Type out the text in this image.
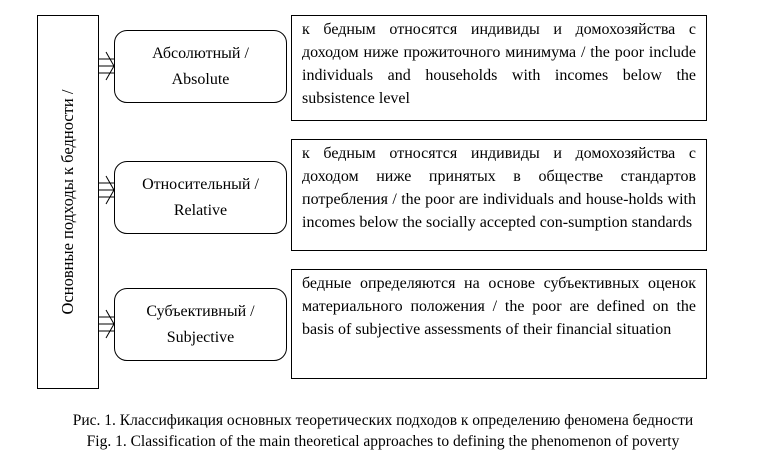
Основные подходы к бедности /
Абсолютный /
Absolute
к бедным относятся индивиды и домохозяйства с доходом ниже прожиточного минимума / the poor include individuals and households with incomes below the subsistence level
Относительный /
Relative
к бедным относятся индивиды и домохозяйства с доходом ниже принятых в обществе стандартов потребления / the poor are individuals and house-holds with incomes below the socially accepted con-sumption standards
Субъективный /
Subjective
бедные определяются на основе субъективных оценок материального положения / the poor are defined on the basis of subjective assessments of their financial situation
Рис. 1. Классификация основных теоретических подходов к определению феномена бедности
Fig. 1. Classification of the main theoretical approaches to defining the phenomenon of poverty
